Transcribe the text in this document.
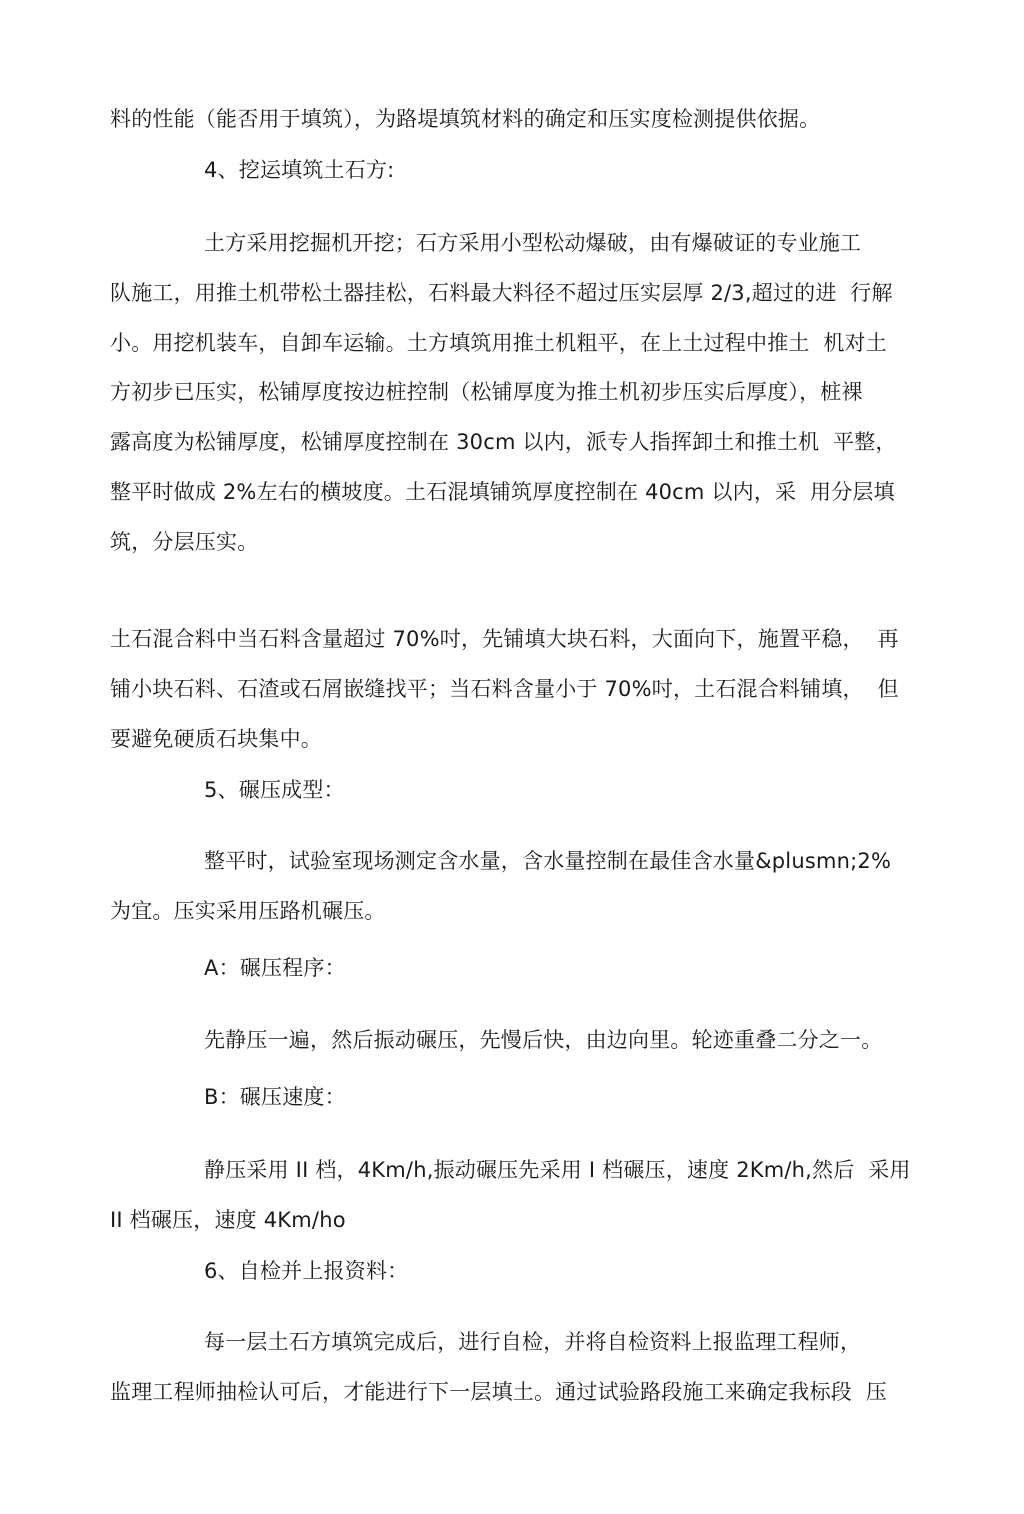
料的性能（能否用于填筑），为路堤填筑材料的确定和压实度检测提供依据。
4、挖运填筑土石方:
土方采用挖掘机开挖；石方采用小型松动爆破，由有爆破证的专业施工
队施工，用推土机带松土器挂松，石料最大料径不超过压实层厚 2/3,超过的进  行解
小。用挖机装车，自卸车运输。土方填筑用推土机粗平，在上土过程中推土  机对土
方初步已压实，松铺厚度按边桩控制（松铺厚度为推土机初步压实后厚度），桩裸
露高度为松铺厚度，松铺厚度控制在 30cm 以内，派专人指挥卸土和推土机  平整，
整平时做成 2%左右的横坡度。土石混填铺筑厚度控制在 40cm 以内，采  用分层填
筑，分层压实。
土石混合料中当石料含量超过 70%吋，先铺填大块石料，大面向下，施置平稳，  再
铺小块石料、石渣或石屑嵌缝找平；当石料含量小于 70%吋，土石混合料铺填，  但
要避免硬质石块集中。
5、碾压成型：
整平时，试验室现场测定含水量，含水量控制在最佳含水量&plusmn;2%
为宜。压实采用压路机碾压。
A：碾压程序：
先静压一遍，然后振动碾压，先慢后快，由边向里。轮迹重叠二分之一。
B：碾压速度：
静压采用 II 档，4Km/h,振动碾压先采用 I 档碾压，速度 2Km/h,然后  采用
II 档碾压，速度 4Km/ho
6、自检并上报资料：
每一层土石方填筑完成后，进行自检，并将自检资料上报监理工程师，
监理工程师抽检认可后，才能进行下一层填土。通过试验路段施工来确定我标段  压
